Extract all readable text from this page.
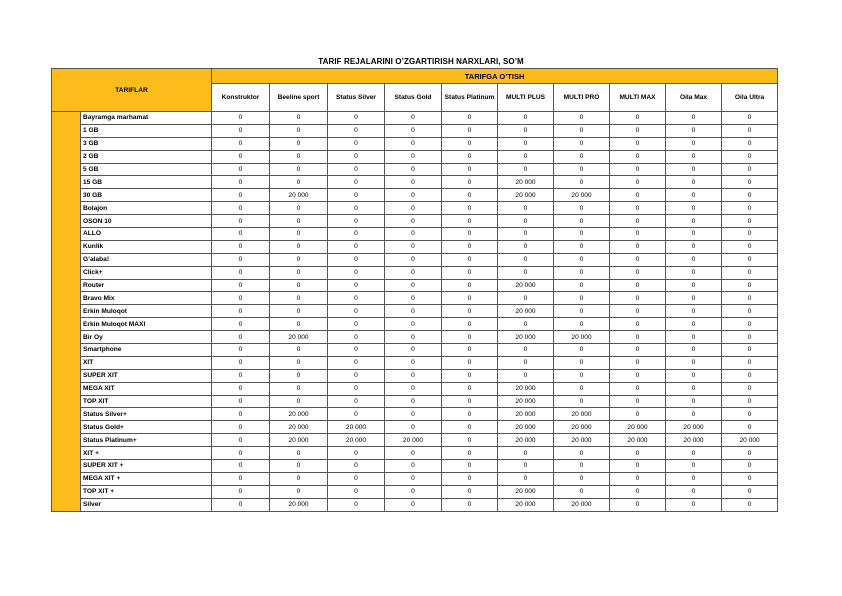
TARIF REJALARINI O’ZGARTIRISH NARXLARI, SO’M
TARIFLAR		TARIFGA O’TISH									
		Konstruktor	Beeline sport	Status Silver	Status Gold	Status Platinum	MULTI PLUS	MULTI PRO	MULTI MAX	Oila Max	Oila Ultra
	Bayramga marhamat	0	0	0	0	0	0	0	0	0	0
	1 GB	0	0	0	0	0	0	0	0	0	0
	3 GB	0	0	0	0	0	0	0	0	0	0
	2 GB	0	0	0	0	0	0	0	0	0	0
	5 GB	0	0	0	0	0	0	0	0	0	0
	15 GB	0	0	0	0	0	20 000	0	0	0	0
	30 GB	0	20 000	0	0	0	20 000	20 000	0	0	0
	Bolajon	0	0	0	0	0	0	0	0	0	0
	OSON 10	0	0	0	0	0	0	0	0	0	0
	ALLO	0	0	0	0	0	0	0	0	0	0
	Kunlik	0	0	0	0	0	0	0	0	0	0
	G’alaba!	0	0	0	0	0	0	0	0	0	0
	Click+	0	0	0	0	0	0	0	0	0	0
	Router	0	0	0	0	0	20 000	0	0	0	0
	Bravo Mix	0	0	0	0	0	0	0	0	0	0
	Erkin Muloqot	0	0	0	0	0	20 000	0	0	0	0
	Erkin Muloqot MAXI	0	0	0	0	0	0	0	0	0	0
	Bir Oy	0	20 000	0	0	0	20 000	20 000	0	0	0
	Smartphone	0	0	0	0	0	0	0	0	0	0
	XIT	0	0	0	0	0	0	0	0	0	0
	SUPER XIT	0	0	0	0	0	0	0	0	0	0
	MEGA XIT	0	0	0	0	0	20 000	0	0	0	0
	TOP XIT	0	0	0	0	0	20 000	0	0	0	0
	Status Silver+	0	20 000	0	0	0	20 000	20 000	0	0	0
	Status Gold+	0	20 000	20 000	0	0	20 000	20 000	20 000	20 000	0
	Status Platinum+	0	20 000	20 000	20 000	0	20 000	20 000	20 000	20 000	20 000
	XIT +	0	0	0	0	0	0	0	0	0	0
	SUPER XIT +	0	0	0	0	0	0	0	0	0	0
	MEGA XIT +	0	0	0	0	0	0	0	0	0	0
	TOP XIT +	0	0	0	0	0	20 000	0	0	0	0
	Silver	0	20 000	0	0	0	20 000	20 000	0	0	0
